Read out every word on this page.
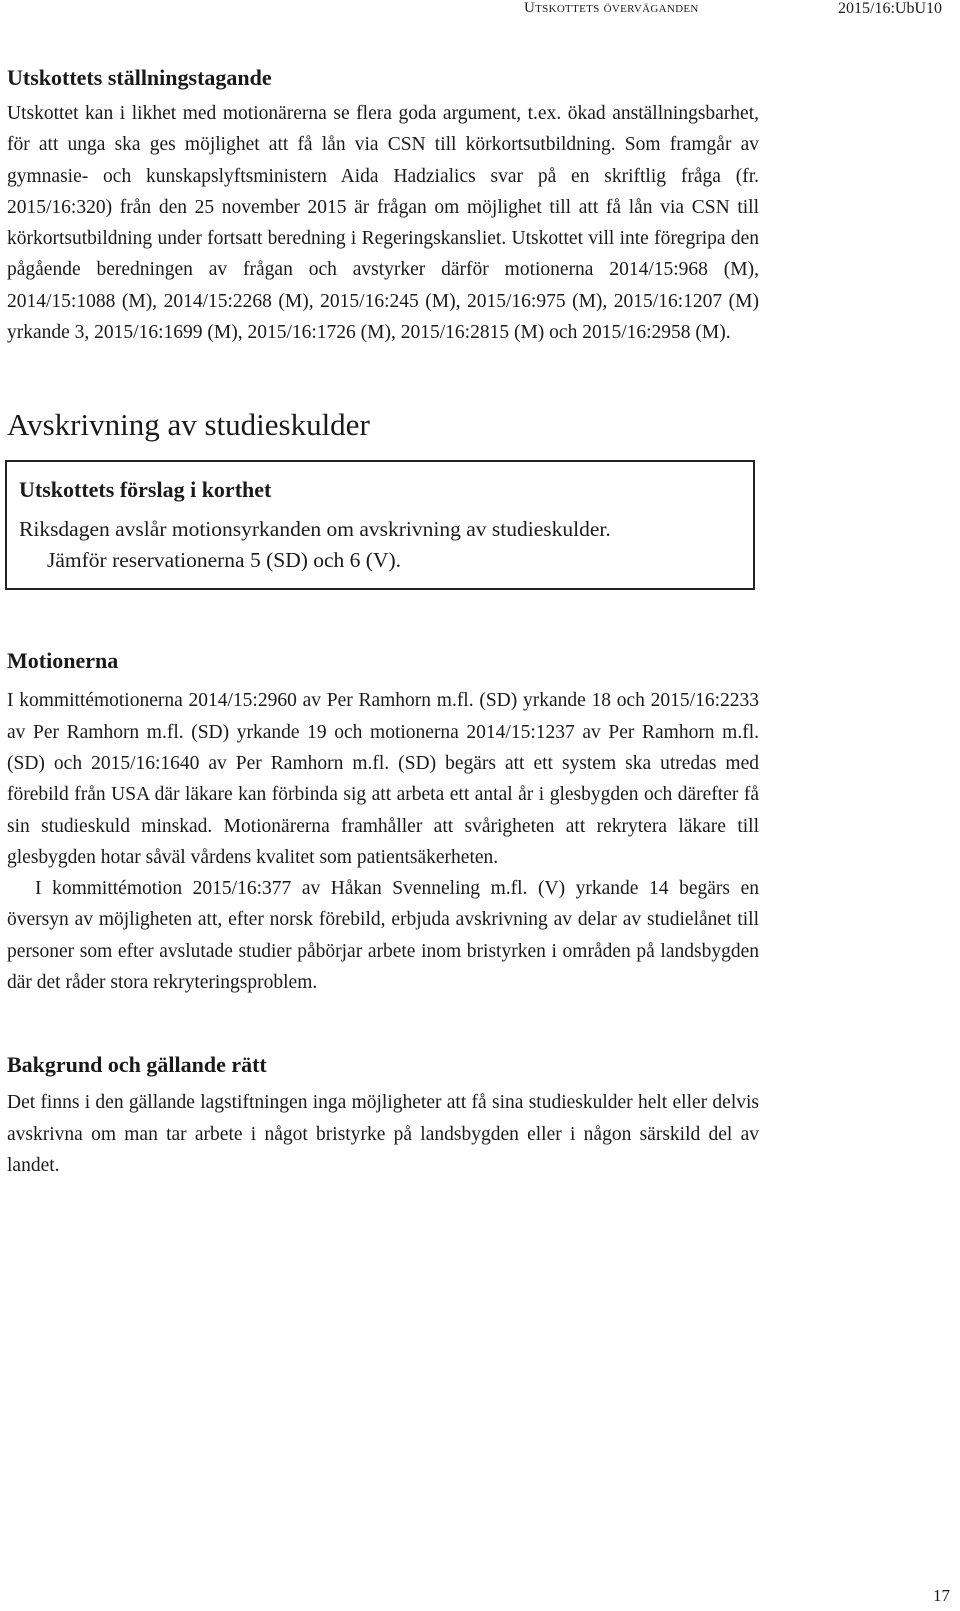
Utskottets överväganden	2015/16:UbU10
Utskottets ställningstagande

Utskottet kan i likhet med motionärerna se flera goda argument, t.ex. ökad anställningsbarhet, för att unga ska ges möjlighet att få lån via CSN till körkortsutbildning. Som framgår av gymnasie- och kunskapslyftsministern Aida Hadzialics svar på en skriftlig fråga (fr. 2015/16:320) från den 25 november 2015 är frågan om möjlighet till att få lån via CSN till körkortsutbildning under fortsatt beredning i Regeringskansliet. Utskottet vill inte föregripa den pågående beredningen av frågan och avstyrker därför motionerna 2014/15:968 (M), 2014/15:1088 (M), 2014/15:2268 (M), 2015/16:245 (M), 2015/16:975 (M), 2015/16:1207 (M) yrkande 3, 2015/16:1699 (M), 2015/16:1726 (M), 2015/16:2815 (M) och 2015/16:2958 (M).

Avskrivning av studieskulder
Utskottets förslag i korthet

Riksdagen avslår motionsyrkanden om avskrivning av studieskulder.

Jämför reservationerna 5 (SD) och 6 (V).

Motionerna

I kommittémotionerna 2014/15:2960 av Per Ramhorn m.fl. (SD) yrkande 18 och 2015/16:2233 av Per Ramhorn m.fl. (SD) yrkande 19 och motionerna 2014/15:1237 av Per Ramhorn m.fl. (SD) och 2015/16:1640 av Per Ramhorn m.fl. (SD) begärs att ett system ska utredas med förebild från USA där läkare kan förbinda sig att arbeta ett antal år i glesbygden och därefter få sin studieskuld minskad. Motionärerna framhåller att svårigheten att rekrytera läkare till glesbygden hotar såväl vårdens kvalitet som patientsäkerheten.

I kommittémotion 2015/16:377 av Håkan Svenneling m.fl. (V) yrkande 14 begärs en översyn av möjligheten att, efter norsk förebild, erbjuda avskrivning av delar av studielånet till personer som efter avslutade studier påbörjar arbete inom bristyrken i områden på landsbygden där det råder stora rekryteringsproblem.

Bakgrund och gällande rätt

Det finns i den gällande lagstiftningen inga möjligheter att få sina studieskulder helt eller delvis avskrivna om man tar arbete i något bristyrke på landsbygden eller i någon särskild del av landet.

17
